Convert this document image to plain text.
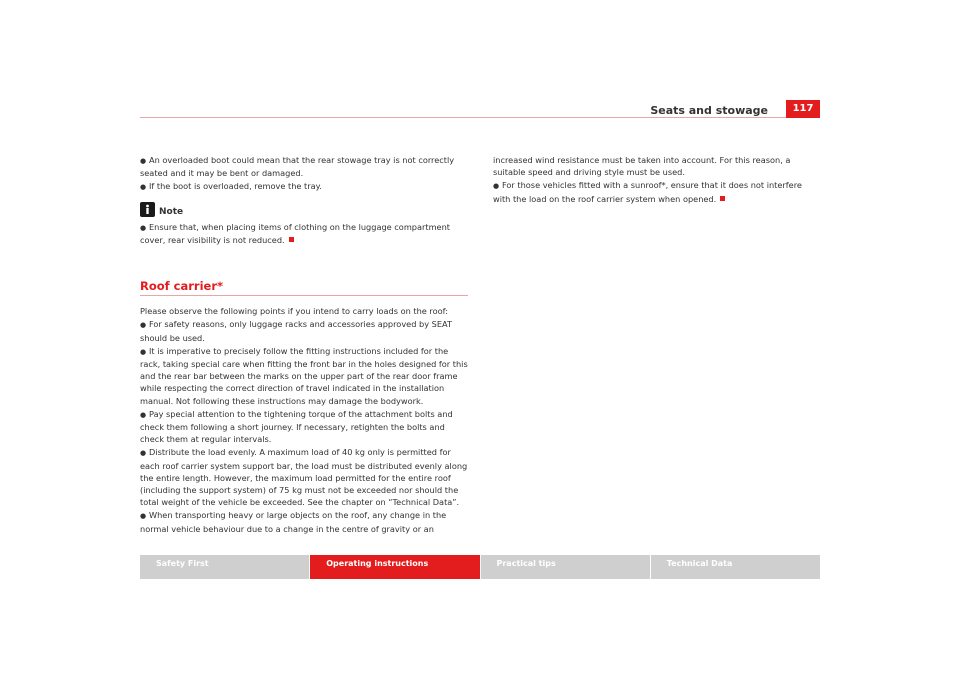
Seats and stowage	117

● An overloaded boot could mean that the rear stowage tray is not correctly seated and it may be bent or damaged.

● If the boot is overloaded, remove the tray.

Note

● Ensure that, when placing items of clothing on the luggage compartment cover, rear visibility is not reduced.

Roof carrier*

Please observe the following points if you intend to carry loads on the roof:

● For safety reasons, only luggage racks and accessories approved by SEAT should be used.

● It is imperative to precisely follow the fitting instructions included for the rack, taking special care when fitting the front bar in the holes designed for this and the rear bar between the marks on the upper part of the rear door frame while respecting the correct direction of travel indicated in the installation manual. Not following these instructions may damage the bodywork.

● Pay special attention to the tightening torque of the attachment bolts and check them following a short journey. If necessary, retighten the bolts and check them at regular intervals.

● Distribute the load evenly. A maximum load of 40 kg only is permitted for each roof carrier system support bar, the load must be distributed evenly along the entire length. However, the maximum load permitted for the entire roof (including the support system) of 75 kg must not be exceeded nor should the total weight of the vehicle be exceeded. See the chapter on “Technical Data”.

● When transporting heavy or large objects on the roof, any change in the normal vehicle behaviour due to a change in the centre of gravity or an

increased wind resistance must be taken into account. For this reason, a suitable speed and driving style must be used.

● For those vehicles fitted with a sunroof*, ensure that it does not interfere with the load on the roof carrier system when opened.

Safety First	Operating instructions	Practical tips	Technical Data
